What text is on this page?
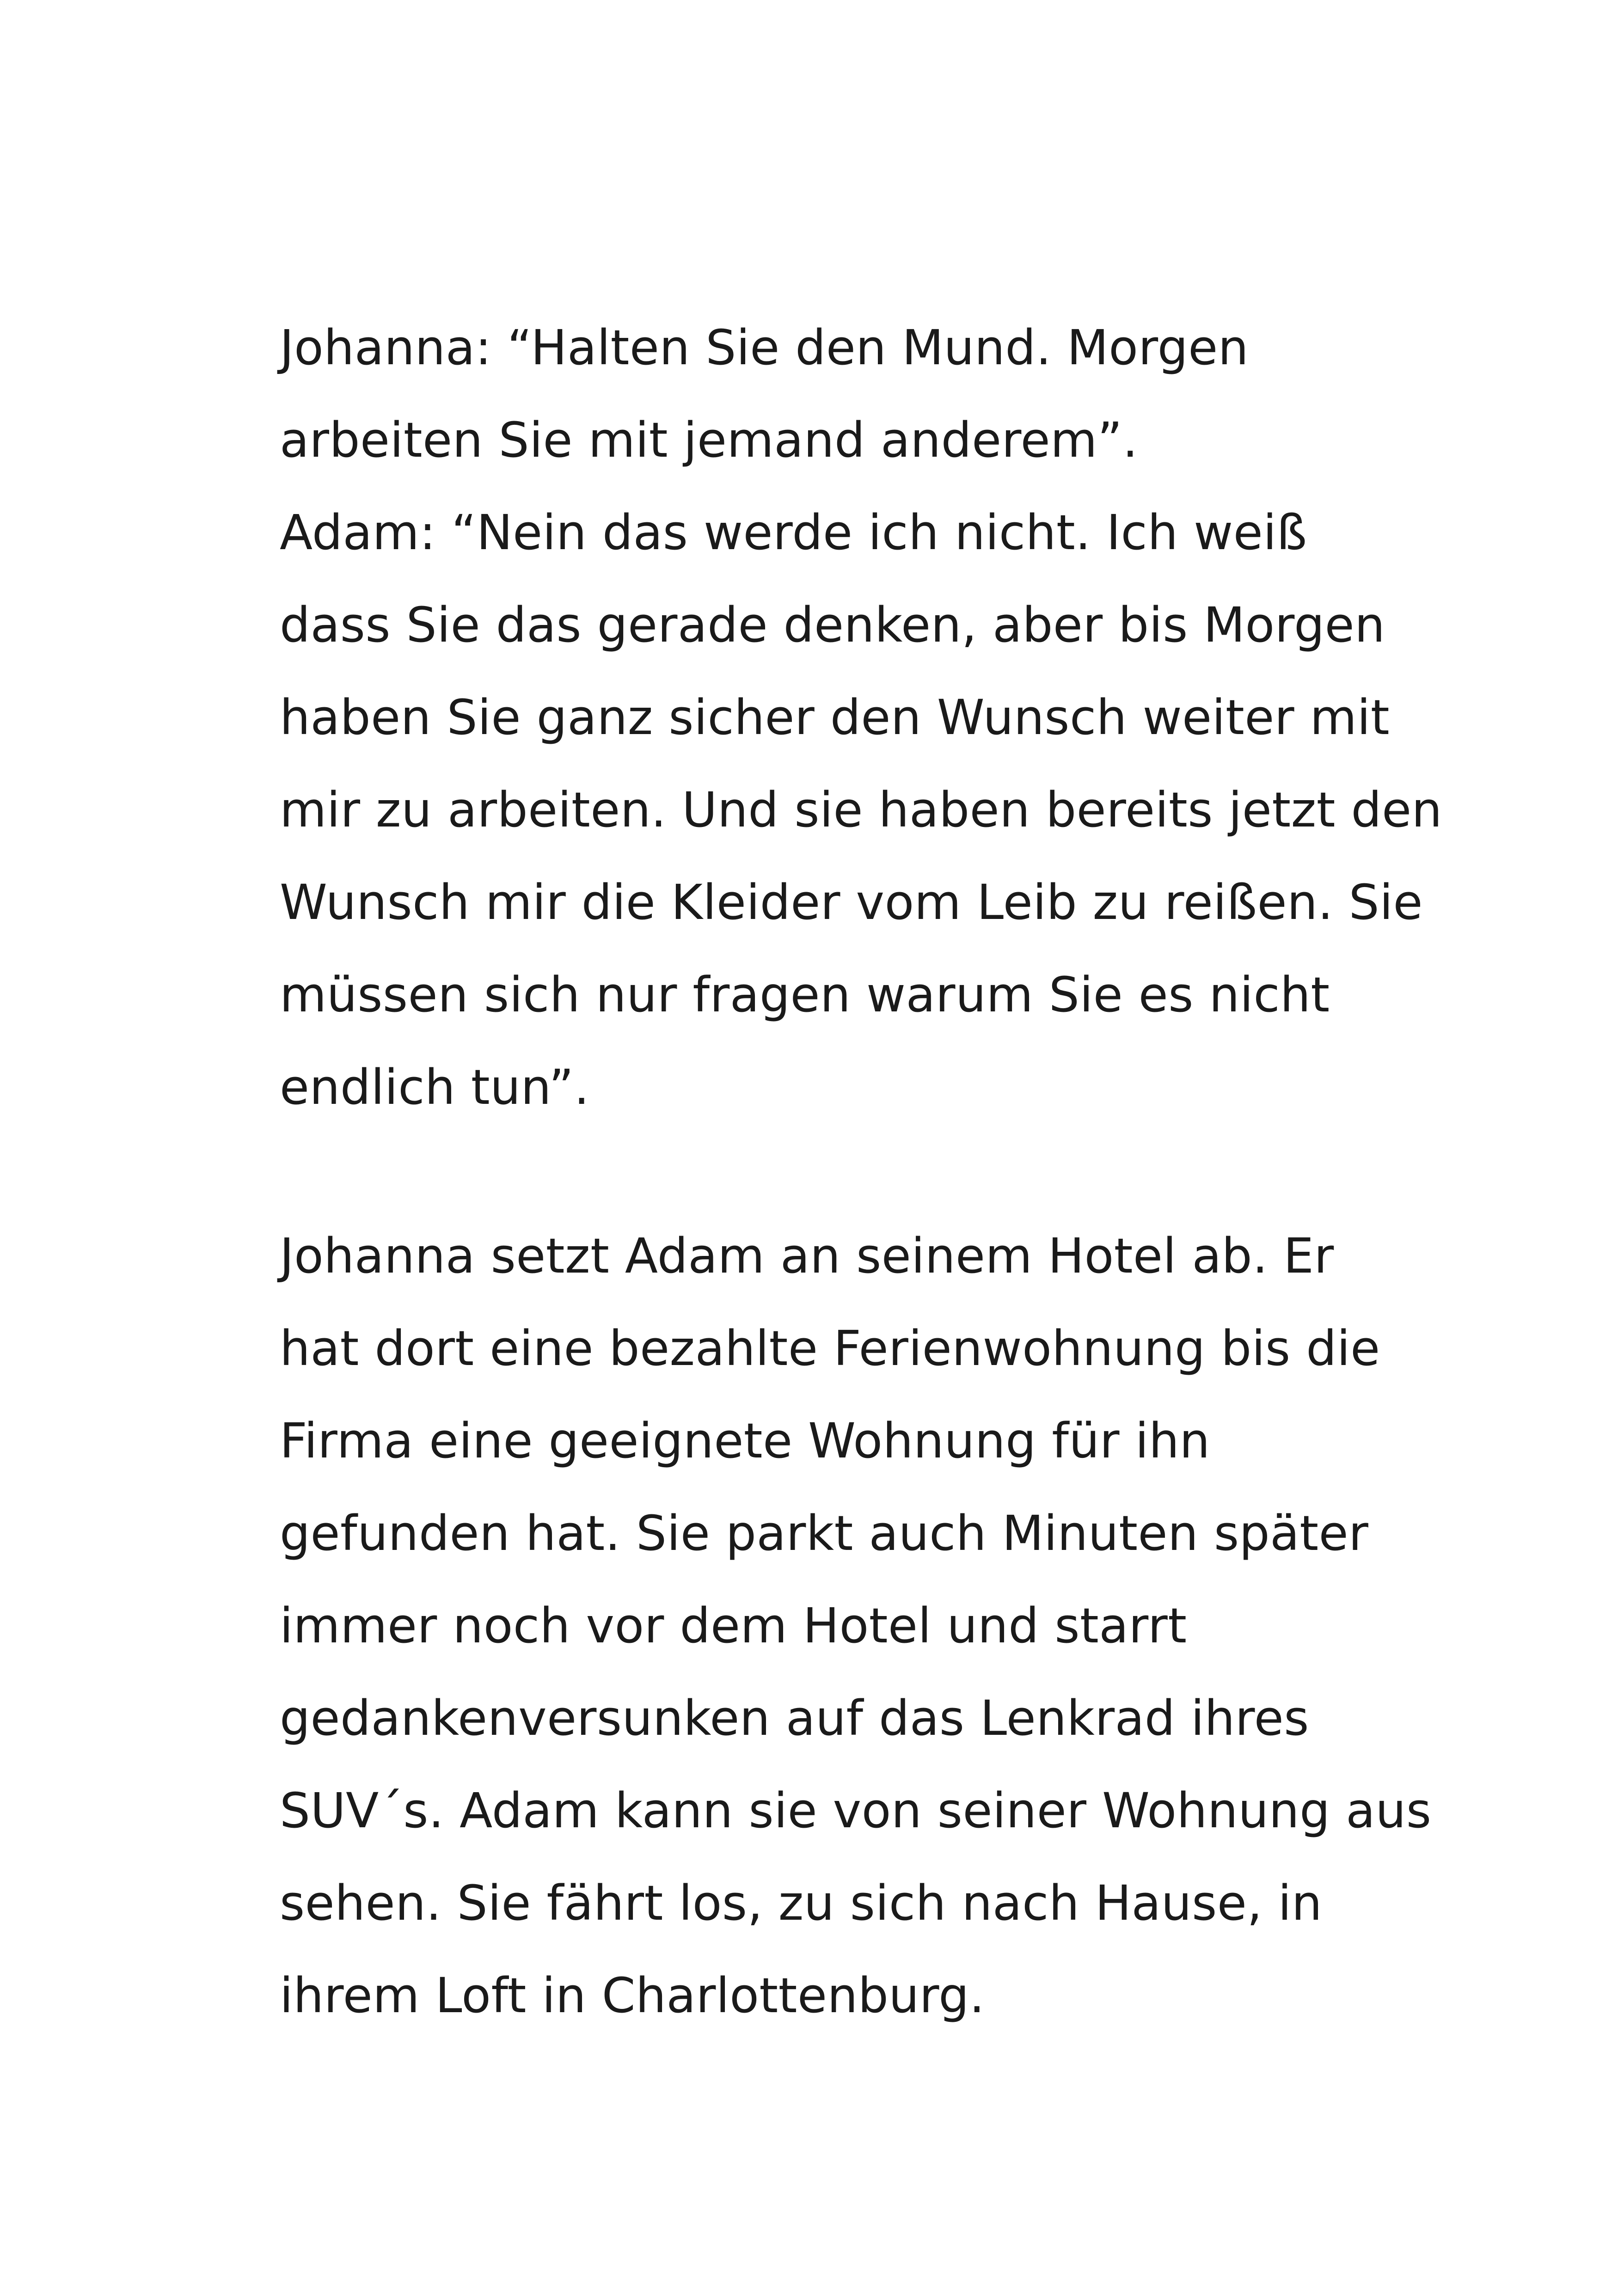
Johanna: “Halten Sie den Mund. Morgen
arbeiten Sie mit jemand anderem”.
Adam: “Nein das werde ich nicht. Ich weiß
dass Sie das gerade denken, aber bis Morgen
haben Sie ganz sicher den Wunsch weiter mit
mir zu arbeiten. Und sie haben bereits jetzt den
Wunsch mir die Kleider vom Leib zu reißen. Sie
müssen sich nur fragen warum Sie es nicht
endlich tun”.
Johanna setzt Adam an seinem Hotel ab. Er
hat dort eine bezahlte Ferienwohnung bis die
Firma eine geeignete Wohnung für ihn
gefunden hat. Sie parkt auch Minuten später
immer noch vor dem Hotel und starrt
gedankenversunken auf das Lenkrad ihres
SUV´s. Adam kann sie von seiner Wohnung aus
sehen. Sie fährt los, zu sich nach Hause, in
ihrem Loft in Charlottenburg.
